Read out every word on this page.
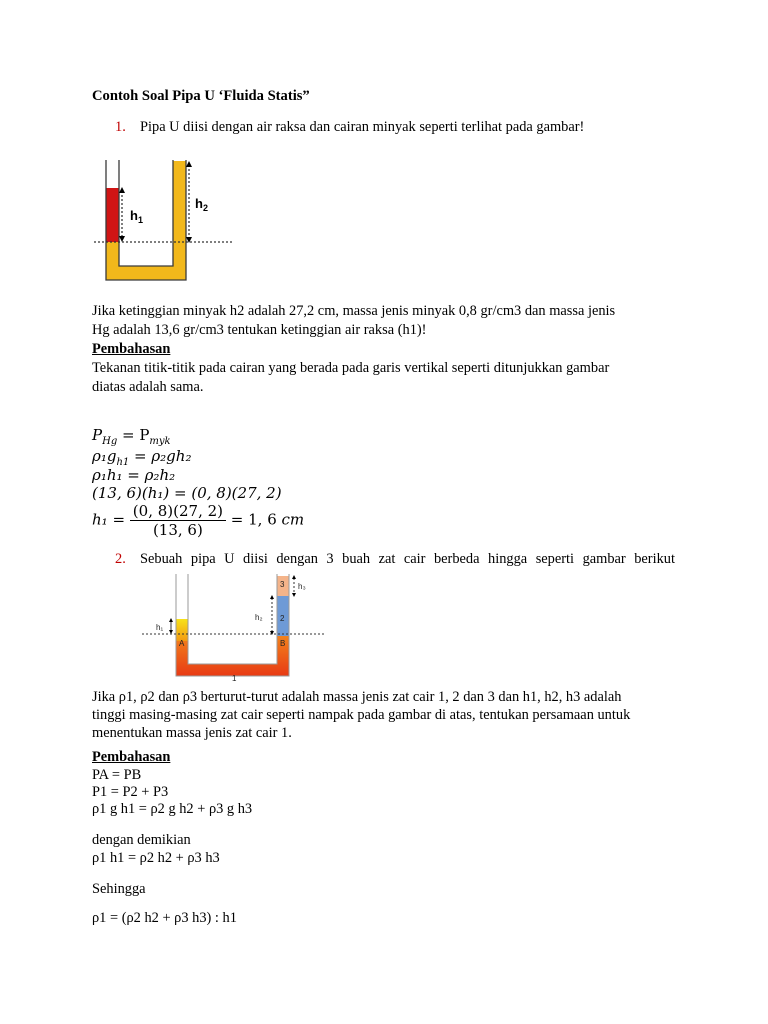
Contoh Soal Pipa U ‘Fluida Statis”
1. Pipa U diisi dengan air raksa dan cairan minyak seperti terlihat pada gambar!
$h_1$
$h_2$
Jika ketinggian minyak h2 adalah 27,2 cm, massa jenis minyak 0,8 gr/cm3 dan massa jenis
Hg adalah 13,6 gr/cm3 tentukan ketinggian air raksa (h1)!
Pembahasan
Tekanan titik-titik pada cairan yang berada pada garis vertikal seperti ditunjukkan gambar
diatas adalah sama.
$P_{Hg} = P_{myk}$
$\rho_1g_{h1} = \rho_2gh_2$
ρ₁h₁ = ρ₂h₂
(13, 6)(h₁) = (0, 8)(27, 2)
$h_1 = \frac{(0, 8)(27, 2)}{(13, 6)} = 1$, 6 cm
2. Sebuah pipa U diisi dengan 3 buah zat cair berbeda hingga seperti gambar berikut
h₁
h₂
h₃
3
2
A	B
1
Jika ρ1, ρ2 dan ρ3 berturut-turut adalah massa jenis zat cair 1, 2 dan 3 dan h1, h2, h3 adalah
tinggi masing-masing zat cair seperti nampak pada gambar di atas, tentukan persamaan untuk
menentukan massa jenis zat cair 1.
Pembahasan
PA = PB
P1 = P2 + P3
ρ1 g h1 = ρ2 g h2 + ρ3 g h3
dengan demikian
ρ1 h1 = ρ2 h2 + ρ3 h3
Sehingga
ρ1 = (ρ2 h2 + ρ3 h3) : h1
